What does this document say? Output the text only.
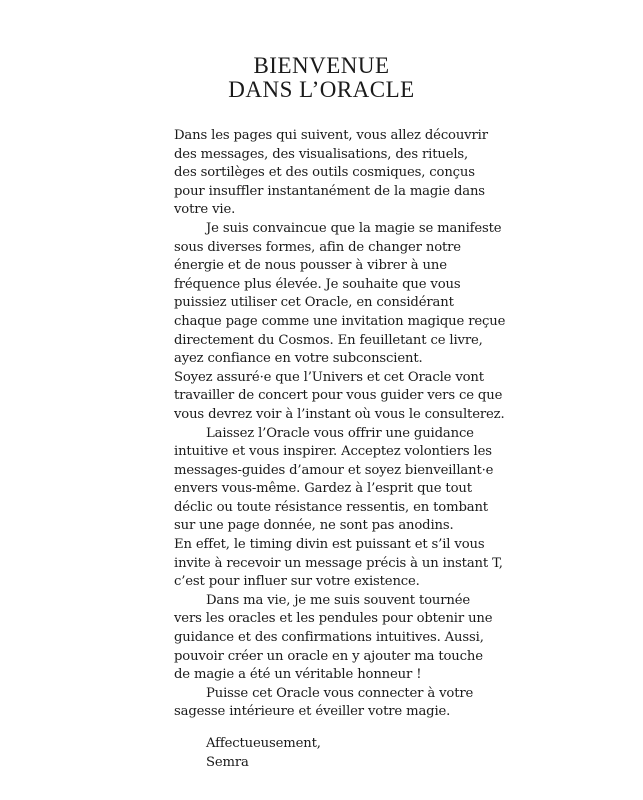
BIENVENUE
DANS L’ORACLE
Dans les pages qui suivent, vous allez découvrir
des messages, des visualisations, des rituels,
des sortilèges et des outils cosmiques, conçus
pour insuffler instantanément de la magie dans
votre vie.
Je suis convaincue que la magie se manifeste
sous diverses formes, afin de changer notre
énergie et de nous pousser à vibrer à une
fréquence plus élevée. Je souhaite que vous
puissiez utiliser cet Oracle, en considérant
chaque page comme une invitation magique reçue
directement du Cosmos. En feuilletant ce livre,
ayez confiance en votre subconscient.
Soyez assuré·e que l’Univers et cet Oracle vont
travailler de concert pour vous guider vers ce que
vous devrez voir à l’instant où vous le consulterez.
Laissez l’Oracle vous offrir une guidance
intuitive et vous inspirer. Acceptez volontiers les
messages-guides d’amour et soyez bienveillant·e
envers vous-même. Gardez à l’esprit que tout
déclic ou toute résistance ressentis, en tombant
sur une page donnée, ne sont pas anodins.
En effet, le timing divin est puissant et s’il vous
invite à recevoir un message précis à un instant T,
c’est pour influer sur votre existence.
Dans ma vie, je me suis souvent tournée
vers les oracles et les pendules pour obtenir une
guidance et des confirmations intuitives. Aussi,
pouvoir créer un oracle en y ajouter ma touche
de magie a été un véritable honneur !
Puisse cet Oracle vous connecter à votre
sagesse intérieure et éveiller votre magie.
Affectueusement,
Semra
